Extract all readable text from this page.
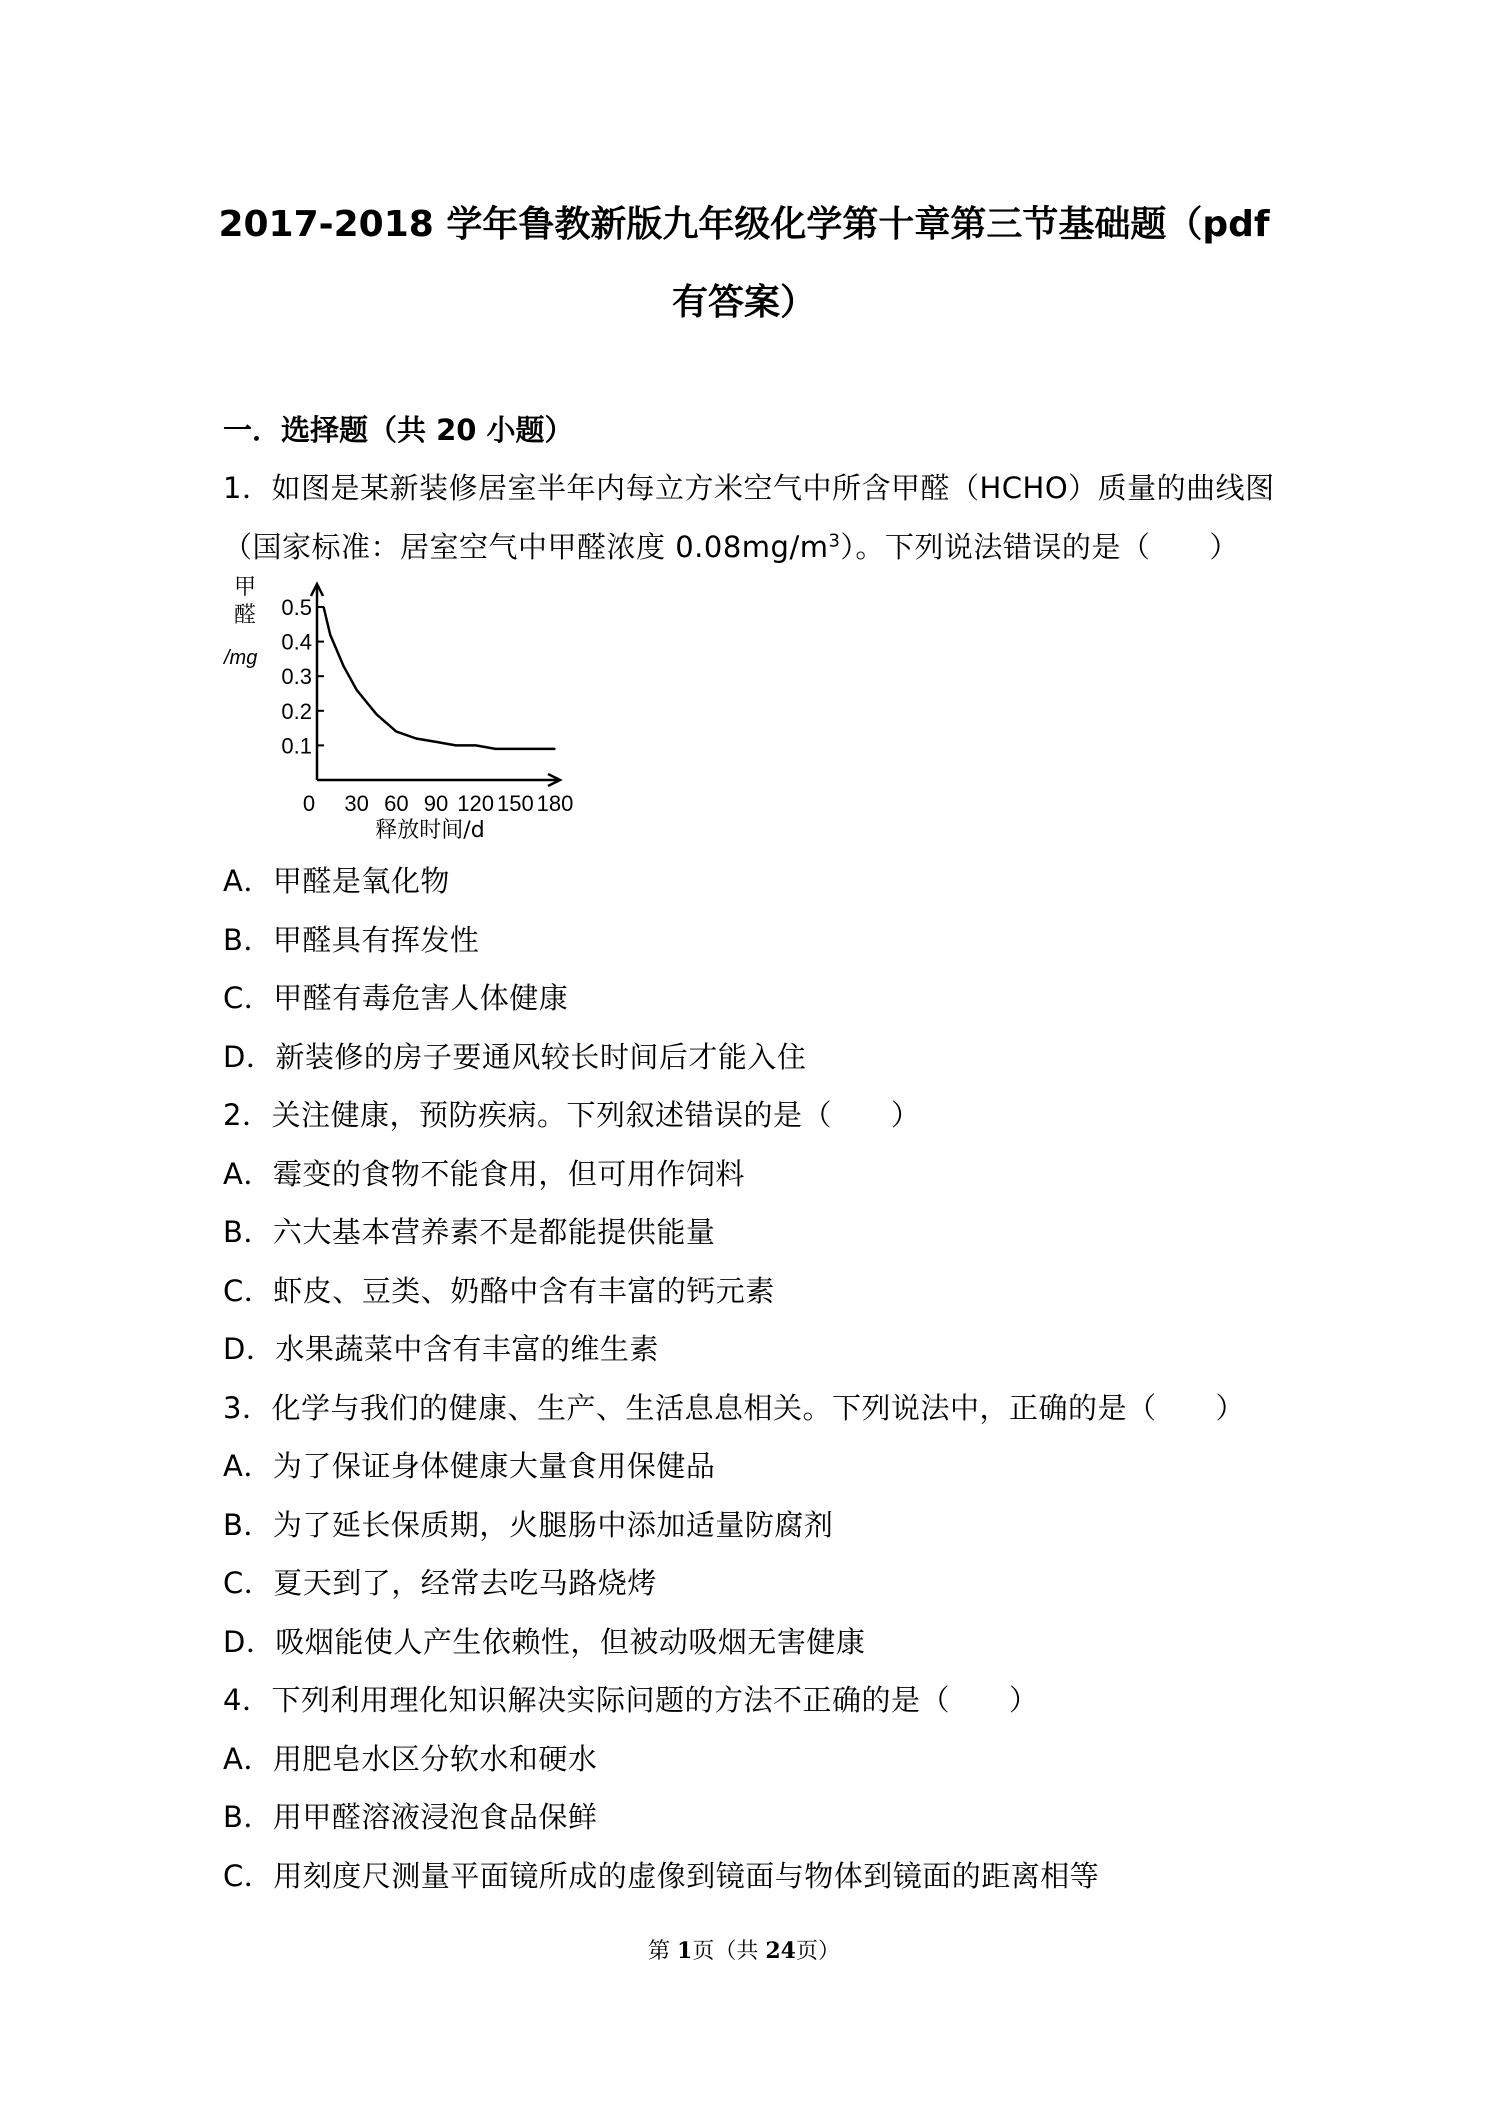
2017-2018 学年鲁教新版九年级化学第十章第三节基础题（pdf
有答案）
一．选择题（共 20 小题）
1．如图是某新装修居室半年内每立方米空气中所含甲醛（HCHO）质量的曲线图
（国家标准：居室空气中甲醛浓度 $0.08mg/m^3$）。下列说法错误的是（　　）
0.1
0.2
0.3
0.4
0.5
0 30 60 90 120 150 180
甲
醛
/mg
释放时间/d
A．甲醛是氧化物
B．甲醛具有挥发性
C．甲醛有毒危害人体健康
D．新装修的房子要通风较长时间后才能入住
2．关注健康，预防疾病。下列叙述错误的是（　　）
A．霉变的食物不能食用，但可用作饲料
B．六大基本营养素不是都能提供能量
C．虾皮、豆类、奶酪中含有丰富的钙元素
D．水果蔬菜中含有丰富的维生素
3．化学与我们的健康、生产、生活息息相关。下列说法中，正确的是（　　）
A．为了保证身体健康大量食用保健品
B．为了延长保质期，火腿肠中添加适量防腐剂
C．夏天到了，经常去吃马路烧烤
D．吸烟能使人产生依赖性，但被动吸烟无害健康
4．下列利用理化知识解决实际问题的方法不正确的是（　　）
A．用肥皂水区分软水和硬水
B．用甲醛溶液浸泡食品保鲜
C．用刻度尺测量平面镜所成的虚像到镜面与物体到镜面的距离相等
第 1页（共 24页）
